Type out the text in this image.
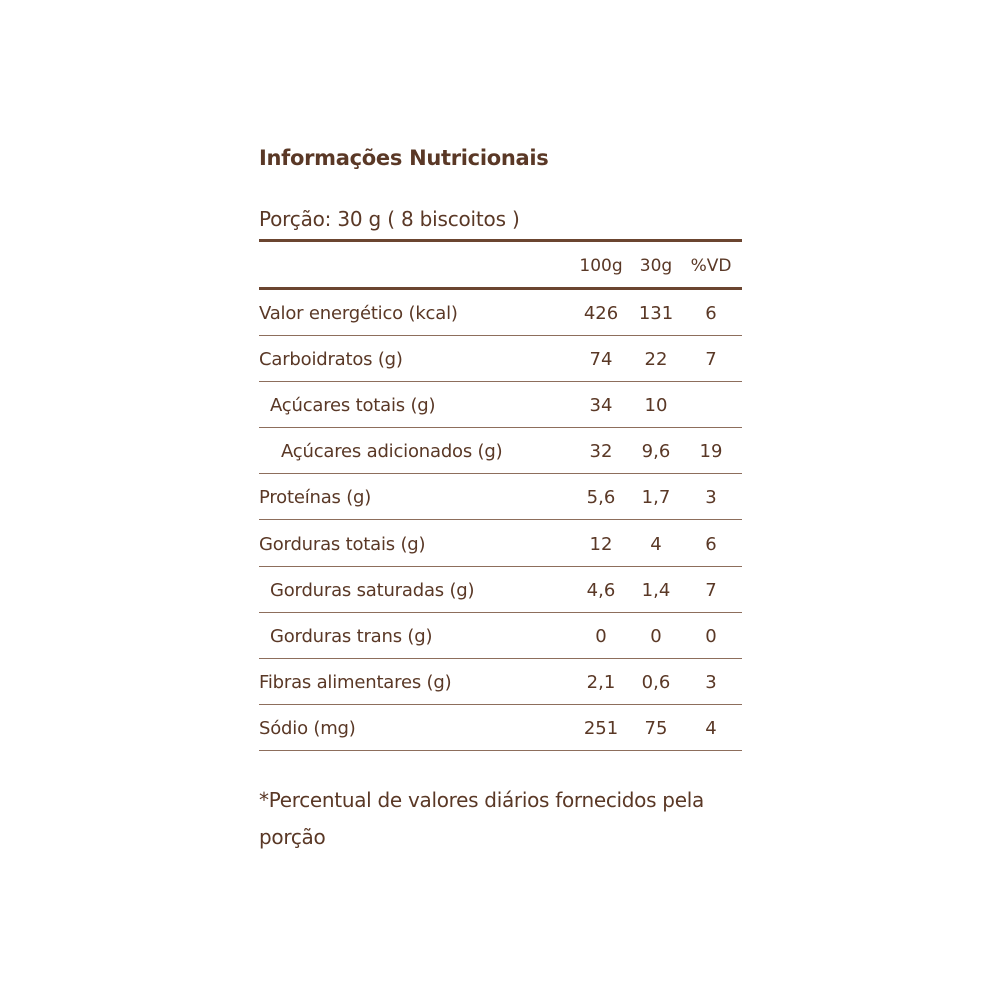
Informações Nutricionais
Porção: 30 g ( 8 biscoitos )
100g	30g	%VD
Valor energético (kcal)	426	131	6
Carboidratos (g)	74	22	7
Açúcares totais (g)	34	10
Açúcares adicionados (g)	32	9,6	19
Proteínas (g)	5,6	1,7	3
Gorduras totais (g)	12	4	6
Gorduras saturadas (g)	4,6	1,4	7
Gorduras trans (g)	0	0	0
Fibras alimentares (g)	2,1	0,6	3
Sódio (mg)	251	75	4
*Percentual de valores diários fornecidos pela porção
